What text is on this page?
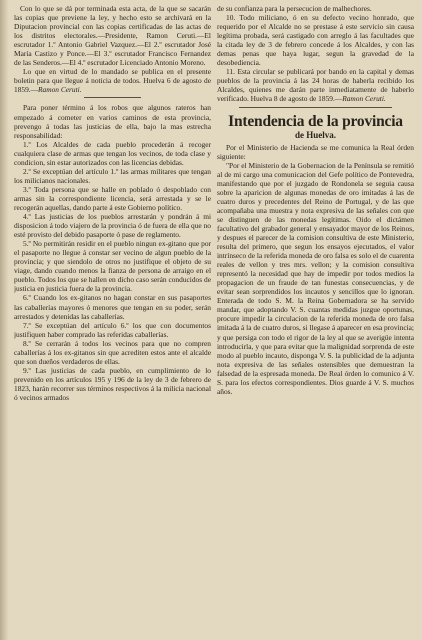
Con lo que se dá por terminada esta acta, de la que se sacarán las copias que previene la ley, y hecho esto se archivará en la Diputacion provincial con las copias certificadas de las actas de los distritos electorales.—Presidente, Ramon Ceruti.—El escrutador 1.º Antonio Gabriel Vazquez.—El 2.º escrutador José María Castizo y Ponce.—El 3.º escrutador Francisco Fernandez de las Senderos.—El 4.º escrutador Licenciado Antonio Moreno.

Lo que en virtud de lo mandado se publica en el presente boletin para que llegue á noticia de todos. Huelva 6 de agosto de 1859.—Ramon Ceruti.

Para poner término á los robos que algunos rateros han empezado á cometer en varios caminos de esta provincia, prevengo á todas las justicias de ella, bajo la mas estrecha responsabilidad:

1.º Los Alcaldes de cada pueblo procederán á recoger cualquiera clase de armas que tengan los vecinos, de toda clase y condicion, sin estar autorizados con las licencias debidas.

2.º Se exceptúan del artículo 1.º las armas militares que tengan los milicianos nacionales.

3.º Toda persona que se halle en poblado ó despoblado con armas sin la correspondiente licencia, será arrestada y se le recogerán aquellas, dando parte á este Gobierno político.

4.º Las justicias de los pueblos arrestarán y pondrán á mi disposicion á todo viajero de la provincia ó de fuera de ella que no esté provisto del debido pasaporte ó pase de reglamento.

5.º No permitirán residir en el pueblo ningun ex-gitano que por el pasaporte no llegue á constar ser vecino de algun pueblo de la provincia; y que siendolo de otros no justifique el objeto de su viage, dando cuando menos la fianza de persona de arraigo en el pueblo. Todos los que se hallen en dicho caso serán conducidos de justicia en justicia fuera de la provincia.

6.º Cuando los ex-gitanos no hagan constar en sus pasaportes las caballerías mayores ó menores que tengan en su poder, serán arrestados y detenidas las caballerías.

7.º Se exceptúan del artículo 6.º los que con documentos justifiquen haber comprado las referidas caballerías.

8.º Se cerrarán á todos los vecinos para que no compren caballerías á los ex-gitanos sin que acrediten estos ante el alcalde que son dueños verdaderos de ellas.

9.º Las justicias de cada pueblo, en cumplimiento de lo prevenido en los artículos 195 y 196 de la ley de 3 de febrero de 1823, harán recorrer sus términos respectivos á la milicia nacional ó vecinos armados

de su confianza para la persecucion de malhechores.

10. Todo miliciano, ó en su defecto vecino honrado, que requerido por el Alcalde no se prestase á este servicio sin causa legítima probada, será castigado con arreglo á las facultades que la citada ley de 3 de febrero concede á los Alcaldes, y con las demas penas que haya lugar, segun la gravedad de la desobediencia.

11. Esta circular se publicará por bando en la capital y demas pueblos de la provincia á las 24 horas de haberla recibido los Alcaldes, quienes me darán parte inmediatamente de haberlo verificado. Huelva 8 de agosto de 1859.—Ramon Ceruti.

Intendencia de la provincia
de Huelva.

Por el Ministerio de Hacienda se me comunica la Real órden siguiente:

"Por el Ministerio de la Gobernacion de la Península se remitió al de mi cargo una comunicacion del Gefe político de Pontevedra, manifestando que por el juzgado de Rondonela se seguia causa sobre la aparicion de algunas monedas de oro imitadas á las de cuatro duros y precedentes del Reino de Portugal, y de las que acompañaba una muestra y nota expresiva de las señales con que se distinguen de las monedas legítimas. Oido el dictámen facultativo del grabador general y ensayador mayor de los Reinos, y despues el parecer de la comision consultiva de este Ministerio, resulta del primero, que segun los ensayos ejecutados, el valor intrínseco de la referida moneda de oro falsa es solo el de cuarenta reales de vellon y tres mrs. vellon; y la comision consultiva representó la necesidad que hay de impedir por todos medios la propagacion de un fraude de tan funestas consecuencias, y de evitar sean sorprendidos los incautos y sencillos que lo ignoran. Enterada de todo S. M. la Reina Gobernadora se ha servido mandar, que adoptando V. S. cuantas medidas juzgue oportunas, procure impedir la circulacion de la referida moneda de oro falsa imitada á la de cuatro duros, si llegase á aparecer en esa provincia; y que persiga con todo el rigor de la ley al que se averigüe intenta introducirla, y que para evitar que la malignidad sorprenda de este modo al pueblo incauto, disponga V. S. la publicidad de la adjunta nota expresiva de las señales ostensibles que demuestran la falsedad de la espresada moneda. De Real órden lo comunico á V. S. para los efectos correspondientes. Dios guarde á V. S. muchos años.
